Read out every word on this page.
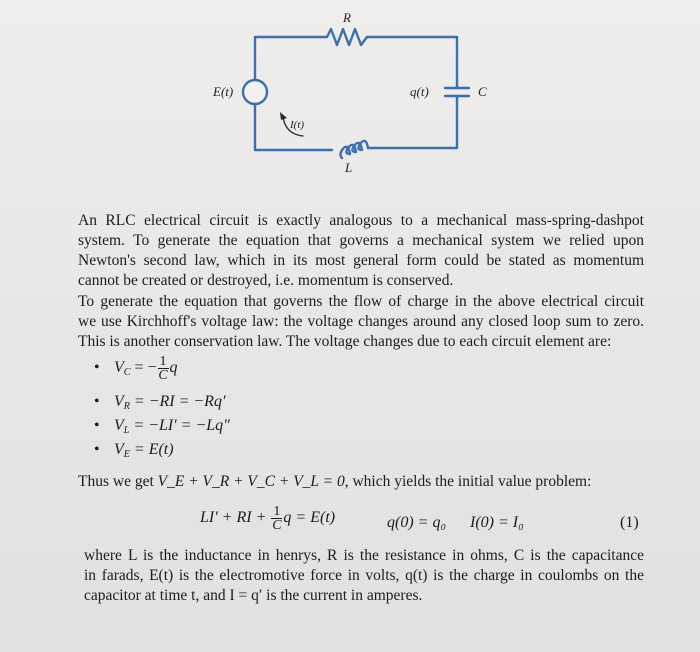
R
E(t)
I(t)
q(t)	C
L
An RLC electrical circuit is exactly analogous to a mechanical mass-spring-dashpot
system. To generate the equation that governs a mechanical system we relied upon
Newton's second law, which in its most general form could be stated as momentum
cannot be created or destroyed, i.e. momentum is conserved.
To generate the equation that governs the flow of charge in the above electrical circuit
we use Kirchhoff's voltage law: the voltage changes around any closed loop sum to zero.
This is another conservation law. The voltage changes due to each circuit element are:
• $V_C$ = − $\frac{1}{C}$ q
• $V_R = -RI = -Rq'$
• $V_L = -LI' = -Lq''$
• $V_E = E(t)$
Thus we get V_E + V_R + V_C + V_L = 0, which yields the initial value problem:
LI′ + RI + $\frac{1}{C}$ q = E(t)	q(0) = q₀ I(0) = I₀	(1)
where L is the inductance in henrys, R is the resistance in ohms, C is the capacitance
in farads, E(t) is the electromotive force in volts, q(t) is the charge in coulombs on the
capacitor at time t, and I = q′ is the current in amperes.
